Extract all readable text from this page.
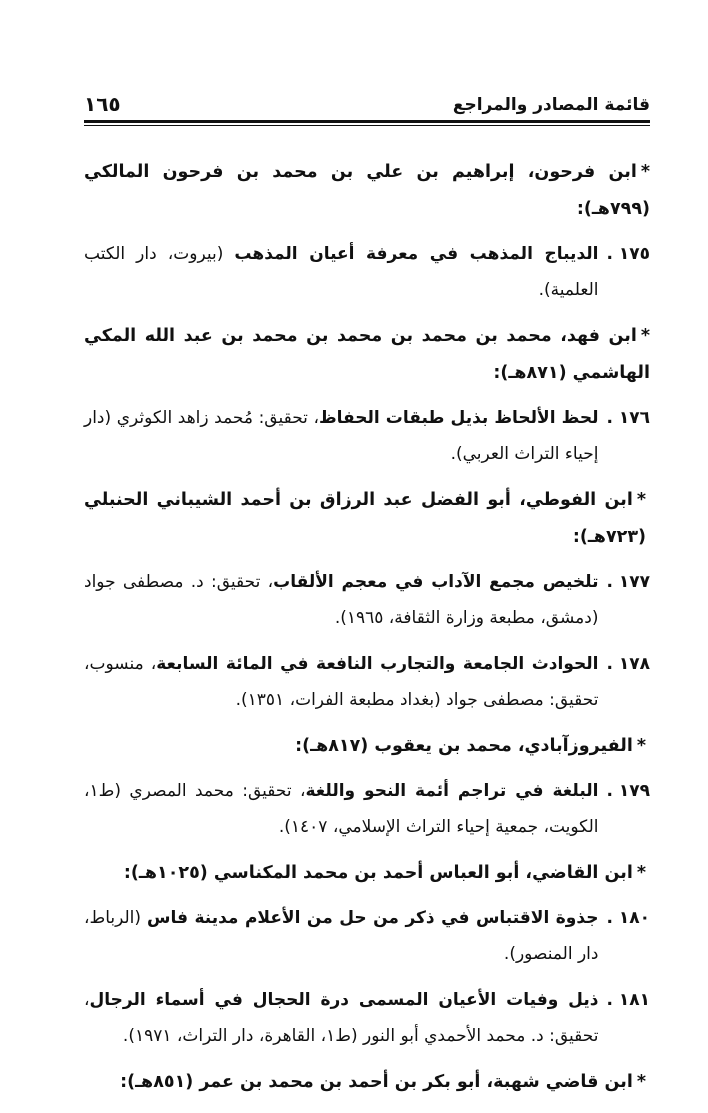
قائمة المصادر والمراجع
١٦٥

*ابن فرحون، إبراهيم بن علي بن محمد بن فرحون المالكي (٧٩٩هـ):

١٧٥ .
الديباج المذهب في معرفة أعيان المذهب (بيروت، دار الكتب العلمية).

*ابن فهد، محمد بن محمد بن محمد بن محمد بن عبد الله المكي الهاشمي (٨٧١هـ):

١٧٦ .
لحظ الألحاظ بذيل طبقات الحفاظ، تحقيق: مُحمد زاهد الكوثري (دار إحياء التراث العربي).

*ابن الفوطي، أبو الفضل عبد الرزاق بن أحمد الشيباني الحنبلي (٧٢٣هـ):

١٧٧ .
تلخيص مجمع الآداب في معجم الألقاب، تحقيق: د. مصطفى جواد (دمشق، مطبعة وزارة الثقافة، ١٩٦٥).
١٧٨ .
الحوادث الجامعة والتجارب النافعة في المائة السابعة، منسوب، تحقيق: مصطفى جواد (بغداد مطبعة الفرات، ١٣٥١).

*الفيروزآبادي، محمد بن يعقوب (٨١٧هـ):

١٧٩ .
البلغة في تراجم أئمة النحو واللغة، تحقيق: محمد المصري (ط١، الكويت، جمعية إحياء التراث الإسلامي، ١٤٠٧).

*ابن القاضي، أبو العباس أحمد بن محمد المكناسي (١٠٢٥هـ):

١٨٠ .
جذوة الاقتباس في ذكر من حل من الأعلام مدينة فاس (الرباط، دار المنصور).
١٨١ .
ذيل وفيات الأعيان المسمى درة الحجال في أسماء الرجال، تحقيق: د. محمد الأحمدي أبو النور (ط١، القاهرة، دار التراث، ١٩٧١).

*ابن قاضي شهبة، أبو بكر بن أحمد بن محمد بن عمر (٨٥١هـ):
